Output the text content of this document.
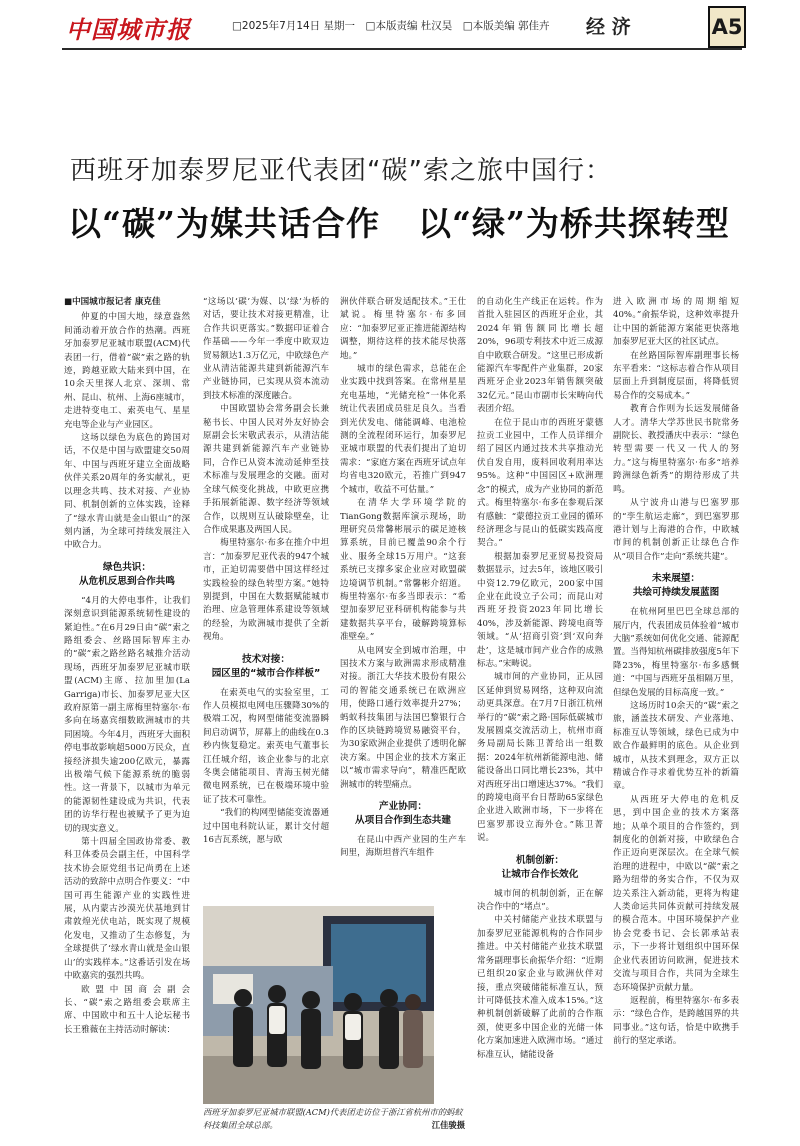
中国城市报	□2025年7月14日 星期一　□本版责编 杜汉昊　□本版美编 郭佳卉 经 济	A5
西班牙加泰罗尼亚代表团“碳”索之旅中国行：
以“碳”为媒共话合作 以“绿”为桥共探转型

■中国城市报记者 康克佳

仲夏的中国大地，绿意盎然间涌动着开放合作的热潮。西班牙加泰罗尼亚城市联盟(ACM)代表团一行，借着“碳”索之路的轨迹，跨越亚欧大陆来到中国，在10余天里探人北京、深圳、常州、昆山、杭州、上海6座城市，走进特变电工、索英电气、星星充电等企业与产业园区。

这场以绿色为底色的跨国对话，不仅是中国与欧盟建交50周年、中国与西班牙建立全面战略伙伴关系20周年的务实献礼，更以理念共鸣、技术对接、产业协同、机制创新的立体实践，诠释了“绿水青山就是金山银山”的深刻内涵，为全球可持续发展注入中欧合力。

绿色共识：
从危机反思到合作共鸣

“4月的大停电事件，让我们深刻意识到能源系统韧性建设的紧迫性。”在6月29日由“碳”索之路组委会、丝路国际智库主办的“碳”索之路丝路名城推介活动现场，西班牙加泰罗尼亚城市联盟(ACM)主席、拉加里加(La Garriga)市长、加泰罗尼亚大区政府原第一副主席梅里特塞尔·布多向在场嘉宾细数欧洲城市的共同困境。今年4月，西班牙大面积停电事故影响超5000万民众，直接经济损失逾200亿欧元，暴露出极端气候下能源系统的脆弱性。这一背景下，以城市为单元的能源韧性建设成为共识，代表团的访华行程也被赋予了更为迫切的现实意义。

第十四届全国政协常委、教科卫体委员会副主任，中国科学技术协会原党组书记尚勇在上述活动的致辞中点明合作要义：“中国可再生能源产业的实践性进展，从内蒙古沙漠光伏基地到甘肃敦煌光伏电站，既实现了规模化发电，又推动了生态修复，为全球提供了‘绿水青山就是金山银山’的实践样本。”这番话引发在场中欧嘉宾的强烈共鸣。

欧盟中国商会副会长、“碳”索之路组委会联席主席、中国欧中和五十人论坛秘书长王雅薇在主持活动时解读：

“这场以‘碳’为媒、以‘绿’为桥的对话，要让技术对接更精准，让合作共识更落实。”数据印证着合作基础——今年一季度中欧双边贸易额达1.3万亿元，中欧绿色产业从清洁能源共建到新能源汽车产业链协同，已实现从资本流动到技术标准的深度融合。

中国欧盟协会常务副会长兼秘书长、中国人民对外友好协会原副会长宋敬武表示，从清洁能源共建到新能源汽车产业链协同，合作已从资本流动延伸至技术标准与发展理念的交融。面对全球气候变化挑战，中欧更应携手拓展新能源、数字经济等领域合作，以规则互认破除壁垒，让合作成果惠及两国人民。

梅里特塞尔·布多在推介中坦言：“加泰罗尼亚代表的947个城市，正迫切需要借中国这样经过实践检验的绿色转型方案。”她特别提到，中国在大数据赋能城市治理、应急管理体系建设等领域的经验，为欧洲城市提供了全新视角。

技术对接：
园区里的“城市合作样板”

在索英电气的实验室里，工作人员模拟电网电压骤降30%的极端工况，构网型储能变流器瞬间启动调节，屏幕上的曲线在0.3秒内恢复稳定。索英电气董事长江任城介绍，该企业参与的北京冬奥会储能项目、青海玉树光储微电网系统，已在极端环境中验证了技术可靠性。

“我们的构网型储能变流器通过中国电科院认证，累计交付超16吉瓦系统，愿与欧

洲伙伴联合研发适配技术。”王仕斌说。梅里特塞尔·布多回应：“加泰罗尼亚正推进能源结构调整，期待这样的技术能尽快落地。”

城市的绿色需求，总能在企业实践中找到答案。在常州星星充电基地，“光储充检”一体化系统让代表团成员驻足良久。当看到光伏发电、储能调峰、电池检测的全流程闭环运行，加泰罗尼亚城市联盟的代表们提出了迫切需求：“家庭方案在西班牙试点年均省电320欧元，若推广到947个城市，收益不可估量。”

在清华大学环境学院的TianGong数据库演示现场，助理研究员常馨彬展示的碳足迹核算系统，目前已覆盖90余个行业、服务全球15万用户。“这套系统已支撑多家企业应对欧盟碳边境调节机制。”常馨彬介绍道。梅里特塞尔·布多当即表示：“希望加泰罗尼亚科研机构能参与共建数据共享平台，破解跨境算标准壁垒。”

从电网安全到城市治理，中国技术方案与欧洲需求形成精准对接。浙江大华技术股份有限公司的智能交通系统已在欧洲应用，使路口通行效率提升27%；蚂蚁科技集团与法国巴黎银行合作的区块链跨境贸易融资平台，为30家欧洲企业提供了透明化解决方案。中国企业的技术方案正以“城市需求导向”，精准匹配欧洲城市的转型痛点。

产业协同：
从项目合作到生态共建

在昆山中西产业园的生产车间里，海斯坦普汽车组件

的自动化生产线正在运转。作为首批入驻园区的西班牙企业，其2024年销售额同比增长超20%，96项专利技术中近三成源自中欧联合研发。“这里已形成新能源汽车零配件产业集群，20家西班牙企业2023年销售额突破32亿元。”昆山市副市长宋畴向代表团介绍。

在位于昆山市的西班牙蒙德拉贡工业园中，工作人员详细介绍了园区内通过技术共享推动光伏自发自用，废料回收利用率达95%。这种“中国园区+欧洲理念”的模式，成为产业协同的新范式。梅里特塞尔·布多在参观后深有感触：“蒙德拉贡工业园的循环经济理念与昆山的低碳实践高度契合。”

根据加泰罗尼亚贸易投资局数据显示，过去5年，该地区吸引中资12.79亿欧元，200家中国企业在此设立子公司；而昆山对西班牙投资2023年同比增长40%，涉及新能源、跨境电商等领域。“从‘招商引资’到‘双向奔赴’，这是城市间产业合作的成熟标志。”宋畴说。

城市间的产业协同，正从园区延伸到贸易网络，这种双向流动更具深意。在7月7日浙江杭州举行的“碳”索之路·国际低碳城市发展圆桌交流活动上，杭州市商务局副局长陈卫菁给出一组数据：2024年杭州新能源电池、储能设备出口同比增长23%，其中对西班牙出口增速达37%。“我们的跨境电商平台日帮助65家绿色企业进入欧洲市场，下一步将在巴塞罗那设立海外仓。”陈卫菁说。

机制创新：
让城市合作长效化

城市间的机制创新，正在解决合作中的“堵点”。

中关村储能产业技术联盟与加泰罗尼亚能源机构的合作同步推进。中关村储能产业技术联盟常务副理事长俞振华介绍：“近期已组织20家企业与欧洲伙伴对接，重点突破储能标准互认，预计可降低技术准入成本15%。”这种机制创新破解了此前的合作瓶颈，使更多中国企业的光储一体化方案加速进入欧洲市场。“通过标准互认，储能设备

进入欧洲市场的周期缩短40%。”俞振华说，这种效率提升让中国的新能源方案能更快落地加泰罗尼亚大区的社区试点。

在丝路国际智库副理事长杨东平看来：“这标志着合作从项目层面上升到制度层面，将降低贸易合作的交易成本。”

教育合作则为长远发展储备人才。清华大学苏世民书院常务副院长、教授潘庆中表示：“绿色转型需要一代又一代人的努力。”这与梅里特塞尔·布多“培养跨洲绿色新秀”的期待形成了共鸣。

从宁波舟山港与巴塞罗那的“孪生航运走廊”，到巴塞罗那港计划与上海港的合作，中欧城市间的机制创新正让绿色合作从“项目合作”走向“系统共建”。

未来展望：
共绘可持续发展蓝图

在杭州阿里巴巴全球总部的展厅内，代表团成员体验着“城市大脑”系统如何优化交通、能源配置。当得知杭州碳排放强度5年下降23%，梅里特塞尔·布多感慨道：“中国与西班牙虽相隔万里，但绿色发展的目标高度一致。”

这场历时10余天的“碳”索之旅，涵盖技术研发、产业落地、标准互认等领域，绿色已成为中欧合作最鲜明的底色。从企业到城市，从技术到理念，双方正以精诚合作寻求着优势互补的新篇章。

从西班牙大停电的危机反思，到中国企业的技术方案落地；从单个项目的合作签约，到制度化的创新对接，中欧绿色合作正迈向更深层次。在全球气候治理的进程中，中欧以“碳”索之路为纽带的务实合作，不仅为双边关系注入新动能，更将为构建人类命运共同体贡献可持续发展的模合范本。中国环境保护产业协会党委书记、会长郭承站表示，下一步将计划组织中国环保企业代表团访问欧洲，促进技术交流与项目合作，共同为全球生态环境保护贡献力量。

返程前，梅里特塞尔·布多表示：“绿色合作，是跨越国界的共同事业。”这句话，恰是中欧携手前行的坚定承诺。

西班牙加泰罗尼亚城市联盟(ACM)代表团走访位于浙江省杭州市的蚂蚁科技集团全球总部。	江佳骏摄
